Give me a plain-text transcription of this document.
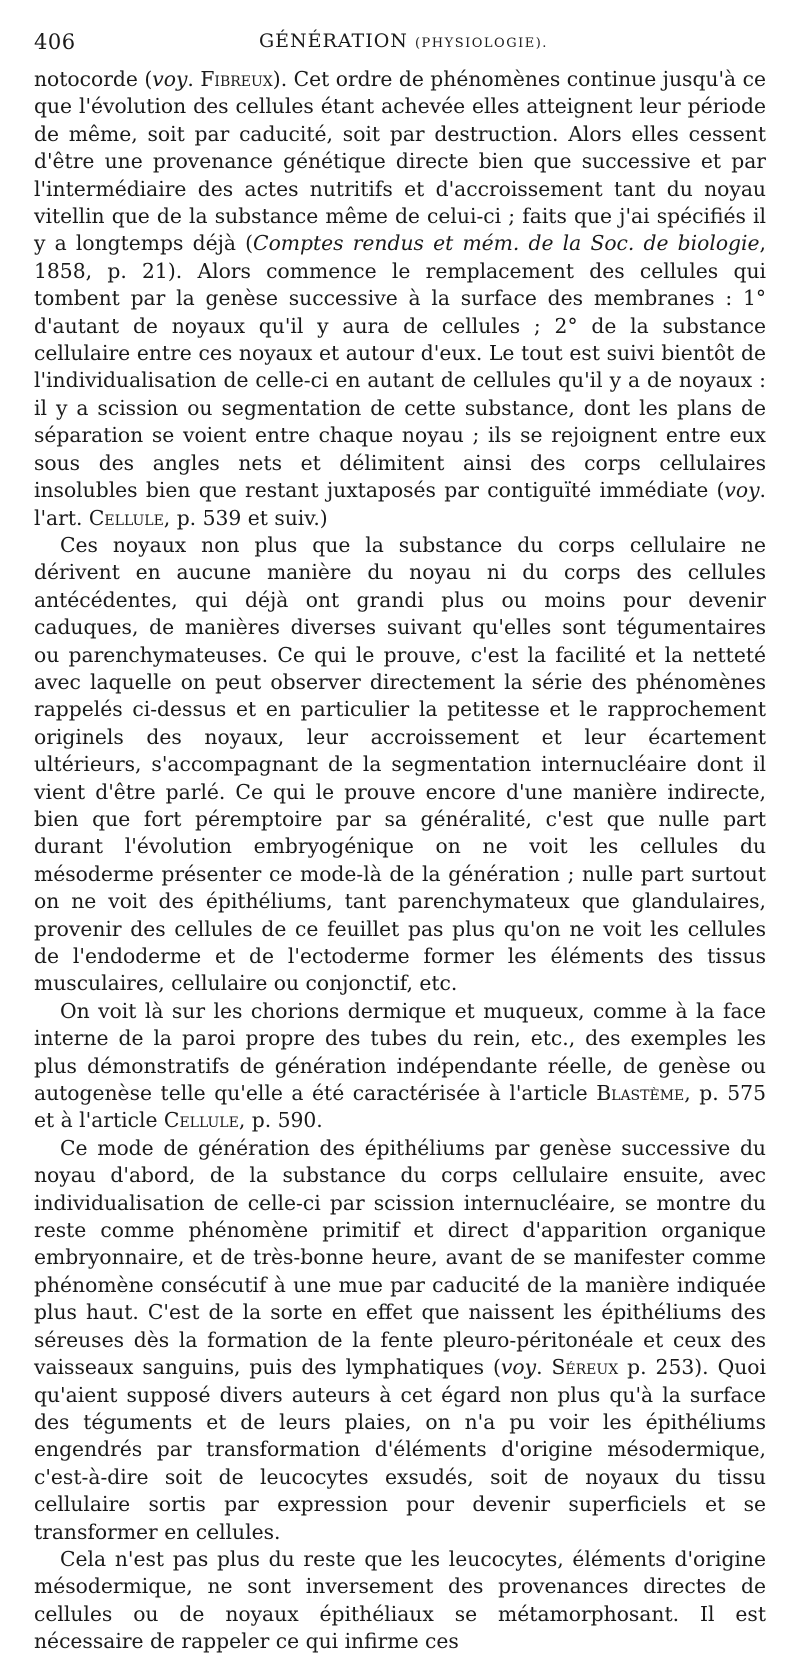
406	GÉNÉRATION (PHYSIOLOGIE).

notocorde (voy. Fibreux). Cet ordre de phénomènes continue jusqu'à ce que l'évolution des cellules étant achevée elles atteignent leur période de même, soit par caducité, soit par destruction. Alors elles cessent d'être une provenance génétique directe bien que successive et par l'intermédiaire des actes nutritifs et d'accroissement tant du noyau vitellin que de la substance même de celui-ci ; faits que j'ai spécifiés il y a longtemps déjà (Comptes rendus et mém. de la Soc. de biologie, 1858, p. 21). Alors commence le remplacement des cellules qui tombent par la genèse successive à la surface des membranes : 1° d'autant de noyaux qu'il y aura de cellules ; 2° de la substance cellulaire entre ces noyaux et autour d'eux. Le tout est suivi bientôt de l'individualisation de celle-ci en autant de cellules qu'il y a de noyaux : il y a scission ou segmentation de cette substance, dont les plans de séparation se voient entre chaque noyau ; ils se rejoignent entre eux sous des angles nets et délimitent ainsi des corps cellulaires insolubles bien que restant juxtaposés par contiguïté immédiate (voy. l'art. Cellule, p. 539 et suiv.)

Ces noyaux non plus que la substance du corps cellulaire ne dérivent en aucune manière du noyau ni du corps des cellules antécédentes, qui déjà ont grandi plus ou moins pour devenir caduques, de manières diverses suivant qu'elles sont tégumentaires ou parenchymateuses. Ce qui le prouve, c'est la facilité et la netteté avec laquelle on peut observer directement la série des phénomènes rappelés ci-dessus et en particulier la petitesse et le rapprochement originels des noyaux, leur accroissement et leur écartement ultérieurs, s'accompagnant de la segmentation internucléaire dont il vient d'être parlé. Ce qui le prouve encore d'une manière indirecte, bien que fort péremptoire par sa généralité, c'est que nulle part durant l'évolution embryogénique on ne voit les cellules du mésoderme présenter ce mode-là de la génération ; nulle part surtout on ne voit des épithéliums, tant parenchymateux que glandulaires, provenir des cellules de ce feuillet pas plus qu'on ne voit les cellules de l'endoderme et de l'ectoderme former les éléments des tissus musculaires, cellulaire ou conjonctif, etc.

On voit là sur les chorions dermique et muqueux, comme à la face interne de la paroi propre des tubes du rein, etc., des exemples les plus démonstratifs de génération indépendante réelle, de genèse ou autogenèse telle qu'elle a été caractérisée à l'article Blastème, p. 575 et à l'article Cellule, p. 590.

Ce mode de génération des épithéliums par genèse successive du noyau d'abord, de la substance du corps cellulaire ensuite, avec individualisation de celle-ci par scission internucléaire, se montre du reste comme phénomène primitif et direct d'apparition organique embryonnaire, et de très-bonne heure, avant de se manifester comme phénomène consécutif à une mue par caducité de la manière indiquée plus haut. C'est de la sorte en effet que naissent les épithéliums des séreuses dès la formation de la fente pleuro-péritonéale et ceux des vaisseaux sanguins, puis des lymphatiques (voy. Séreux p. 253). Quoi qu'aient supposé divers auteurs à cet égard non plus qu'à la surface des téguments et de leurs plaies, on n'a pu voir les épithéliums engendrés par transformation d'éléments d'origine mésodermique, c'est-à-dire soit de leucocytes exsudés, soit de noyaux du tissu cellulaire sortis par expression pour devenir superficiels et se transformer en cellules.

Cela n'est pas plus du reste que les leucocytes, éléments d'origine mésodermique, ne sont inversement des provenances directes de cellules ou de noyaux épithéliaux se métamorphosant. Il est nécessaire de rappeler ce qui infirme ces
